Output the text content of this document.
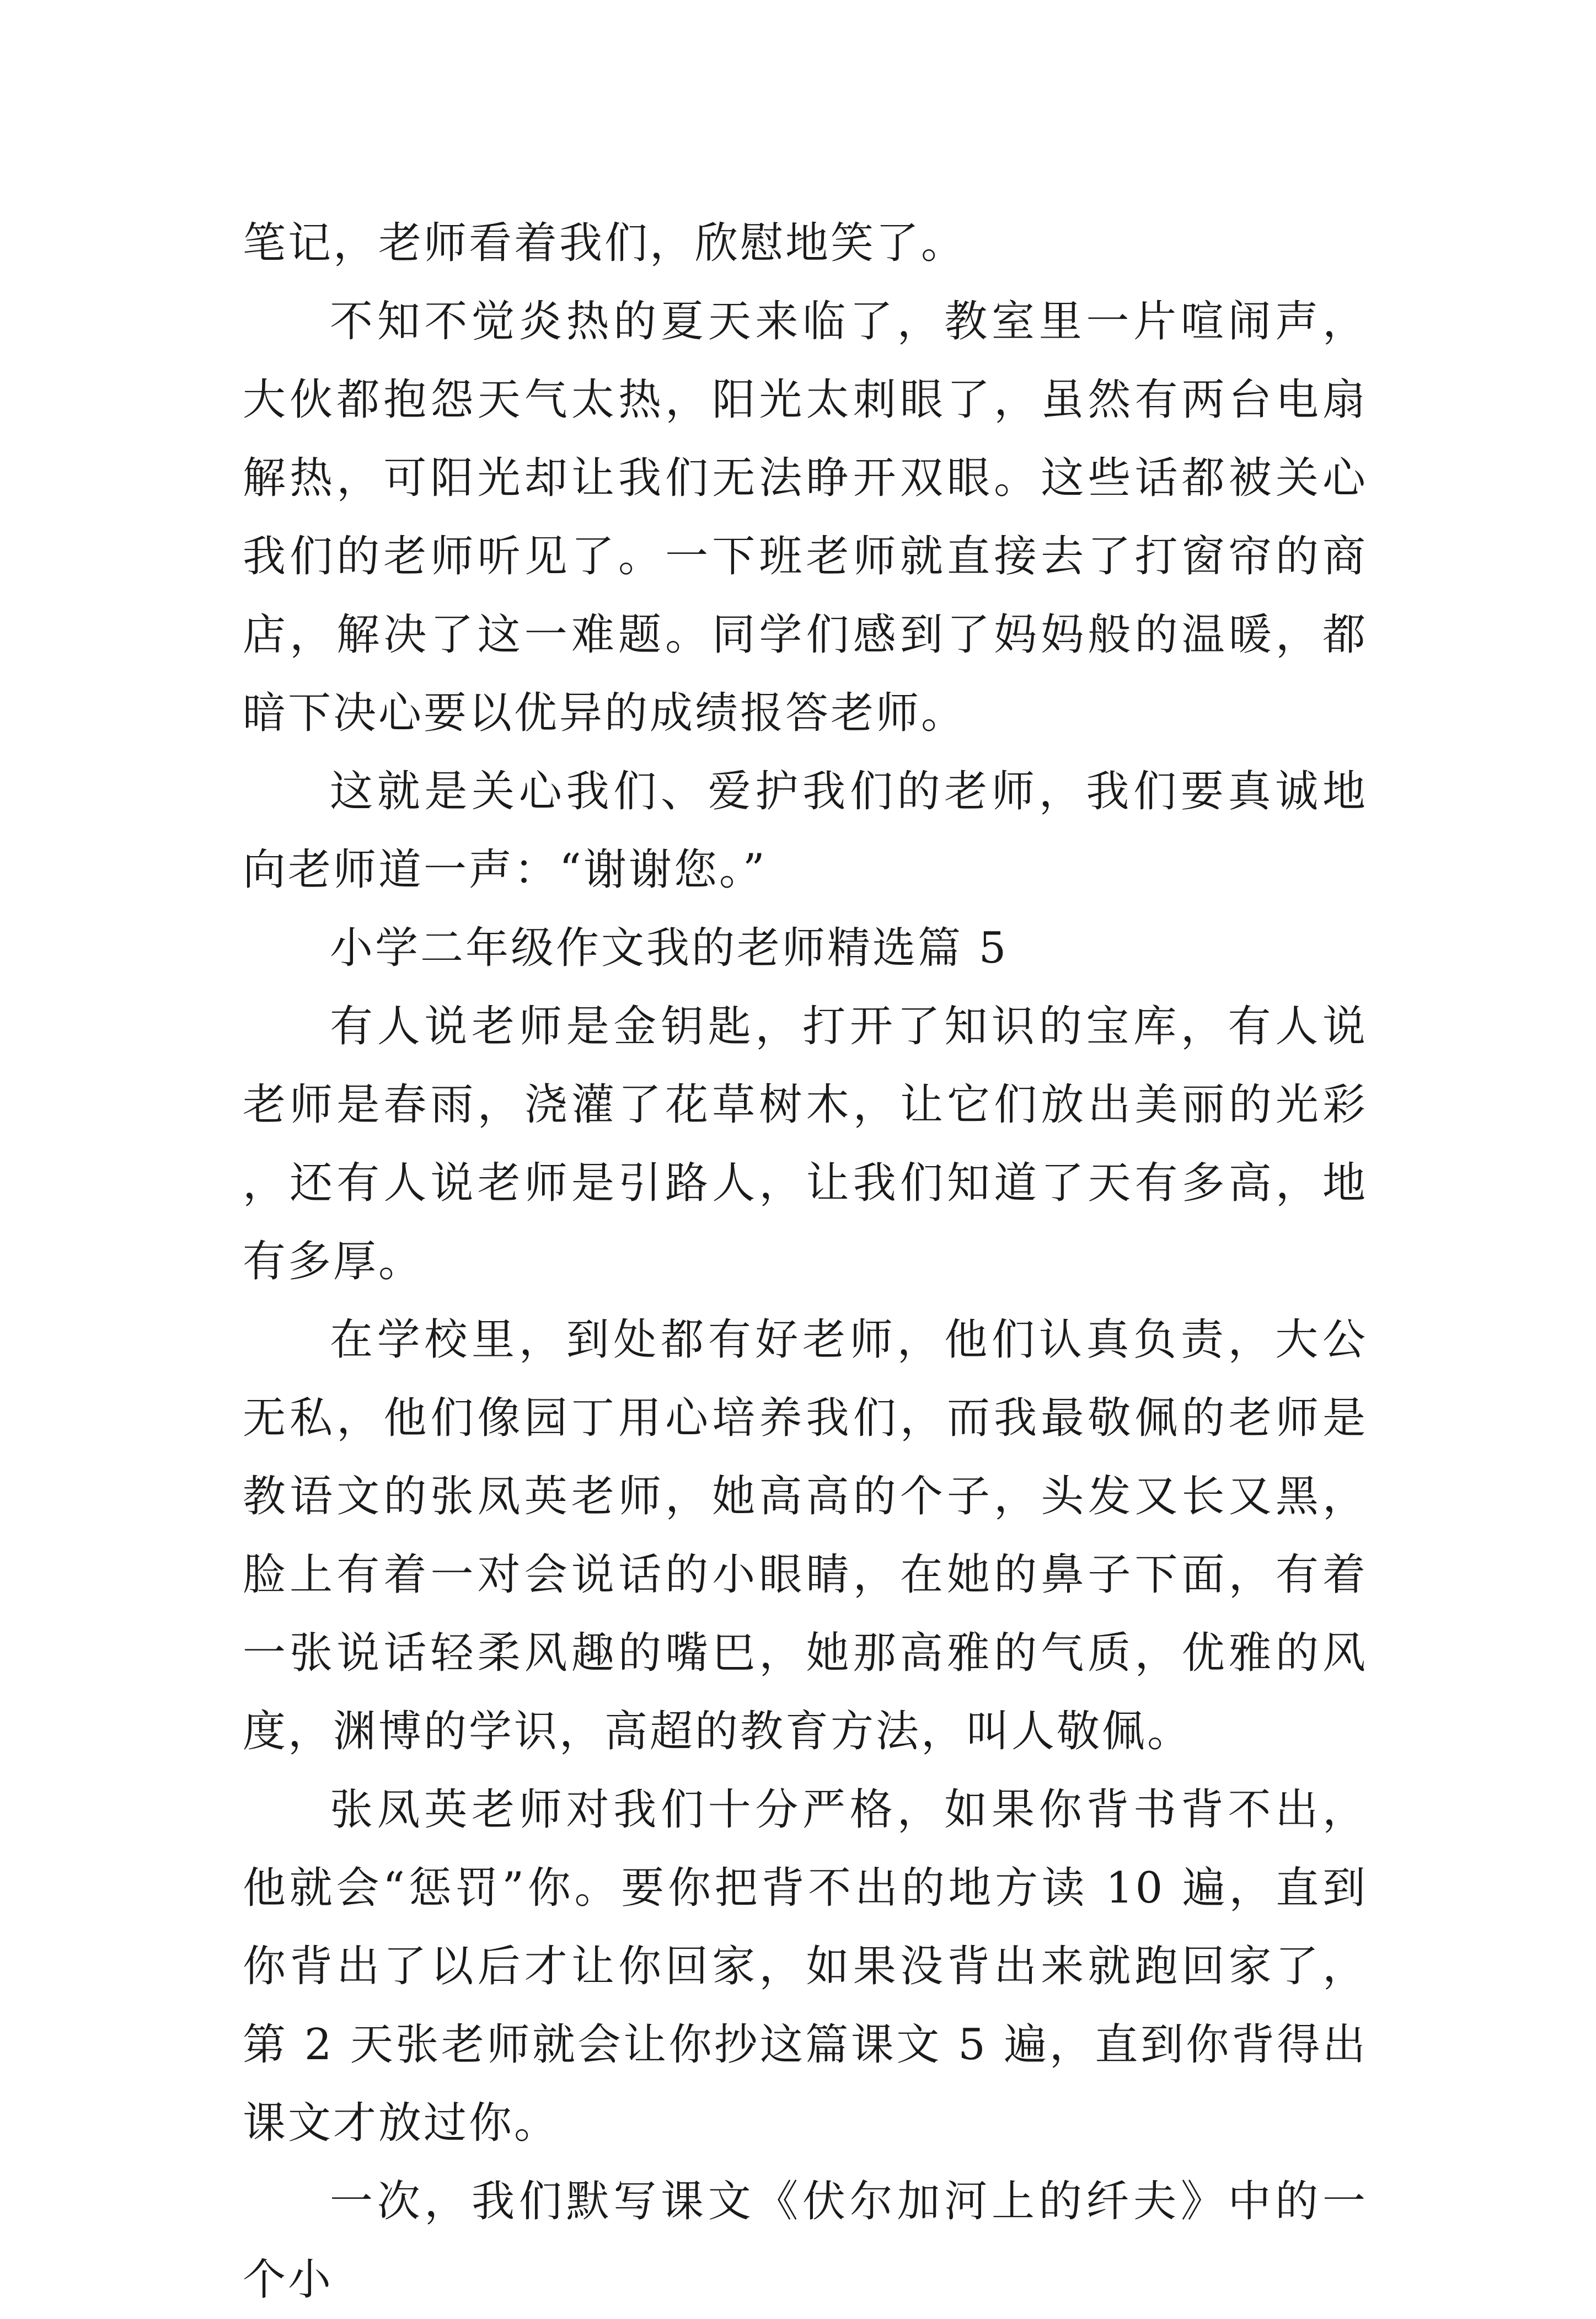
笔记，老师看着我们，欣慰地笑了。

不知不觉炎热的夏天来临了，教室里一片喧闹声，大伙都抱怨天气太热，阳光太刺眼了，虽然有两台电扇解热，可阳光却让我们无法睁开双眼。这些话都被关心我们的老师听见了。一下班老师就直接去了打窗帘的商店，解决了这一难题。同学们感到了妈妈般的温暖，都暗下决心要以优异的成绩报答老师。

这就是关心我们、爱护我们的老师，我们要真诚地向老师道一声：“谢谢您。”

小学二年级作文我的老师精选篇 5

有人说老师是金钥匙，打开了知识的宝库，有人说老师是春雨，浇灌了花草树木，让它们放出美丽的光彩，还有人说老师是引路人，让我们知道了天有多高，地有多厚。

在学校里，到处都有好老师，他们认真负责，大公无私，他们像园丁用心培养我们，而我最敬佩的老师是教语文的张凤英老师，她高高的个子，头发又长又黑，脸上有着一对会说话的小眼睛，在她的鼻子下面，有着一张说话轻柔风趣的嘴巴，她那高雅的气质，优雅的风度，渊博的学识，高超的教育方法，叫人敬佩。

张凤英老师对我们十分严格，如果你背书背不出，他就会“惩罚”你。要你把背不出的地方读 10 遍，直到你背出了以后才让你回家，如果没背出来就跑回家了，第 2 天张老师就会让你抄这篇课文 5 遍，直到你背得出课文才放过你。

一次，我们默写课文《伏尔加河上的纤夫》中的一个小
